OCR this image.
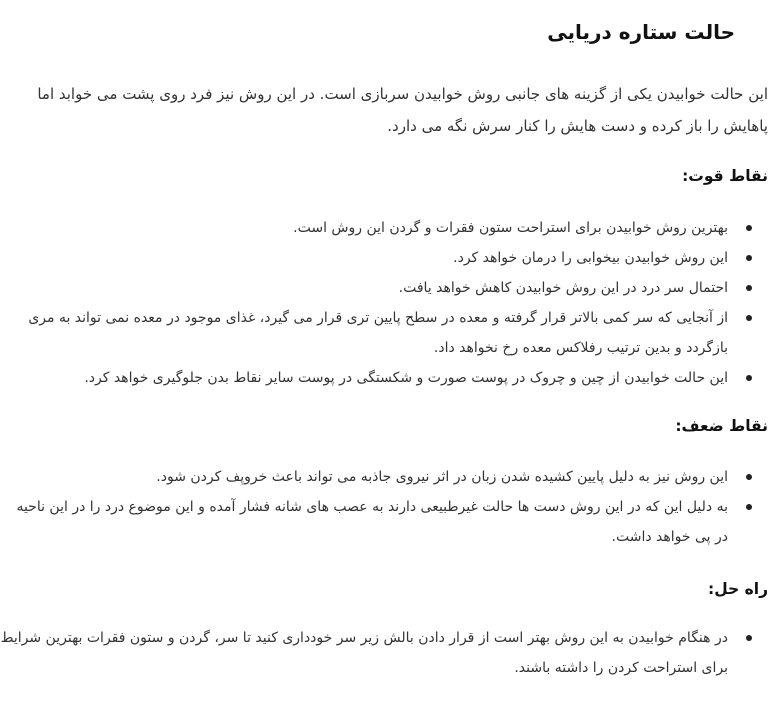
حالت ستاره دریایی

این حالت خوابیدن یکی از گزینه های جانبی روش خوابیدن سربازی است. در این روش نیز فرد روی پشت می خوابد اما پاهایش را باز کرده و دست هایش را کنار سرش نگه می دارد.

نقاط قوت:
بهترین روش خوابیدن برای استراحت ستون فقرات و گردن این روش است.
این روش خوابیدن بیخوابی را درمان خواهد کرد.
احتمال سر درد در این روش خوابیدن کاهش خواهد یافت.
از آنجایی که سر کمی بالاتر قرار گرفته و معده در سطح پایین تری قرار می گیرد، غذای موجود در معده نمی تواند به مری بازگردد و بدین ترتیب رفلاکس معده رخ نخواهد داد.
این حالت خوابیدن از چین و چروک در پوست صورت و شکستگی در پوست سایر نقاط بدن جلوگیری خواهد کرد.
نقاط ضعف:
این روش نیز به دلیل پایین کشیده شدن زبان در اثر نیروی جاذبه می تواند باعث خروپف کردن شود.
به دلیل این که در این روش دست ها حالت غیرطبیعی دارند به عصب های شانه فشار آمده و این موضوع درد را در این ناحیه در پی خواهد داشت.
راه حل:
در هنگام خوابیدن به این روش بهتر است از قرار دادن بالش زیر سر خودداری کنید تا سر، گردن و ستون فقرات بهترین شرایط برای استراحت کردن را داشته باشند.
